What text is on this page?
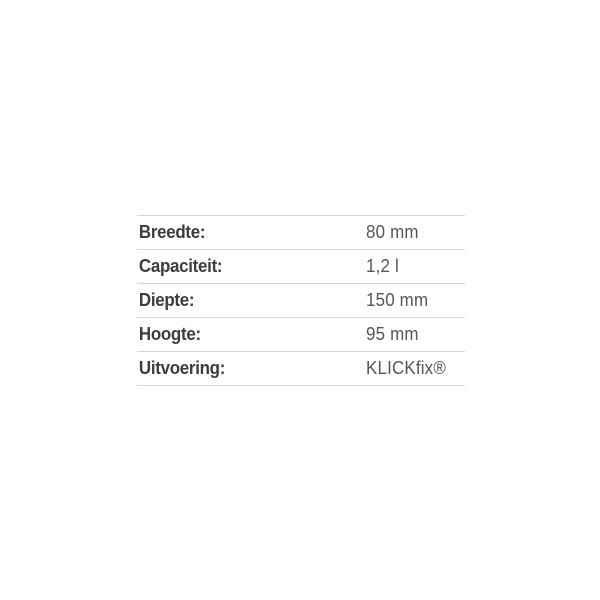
Breedte:	80 mm
Capaciteit:	1,2 l
Diepte:	150 mm
Hoogte:	95 mm
Uitvoering:	KLICKfix®
